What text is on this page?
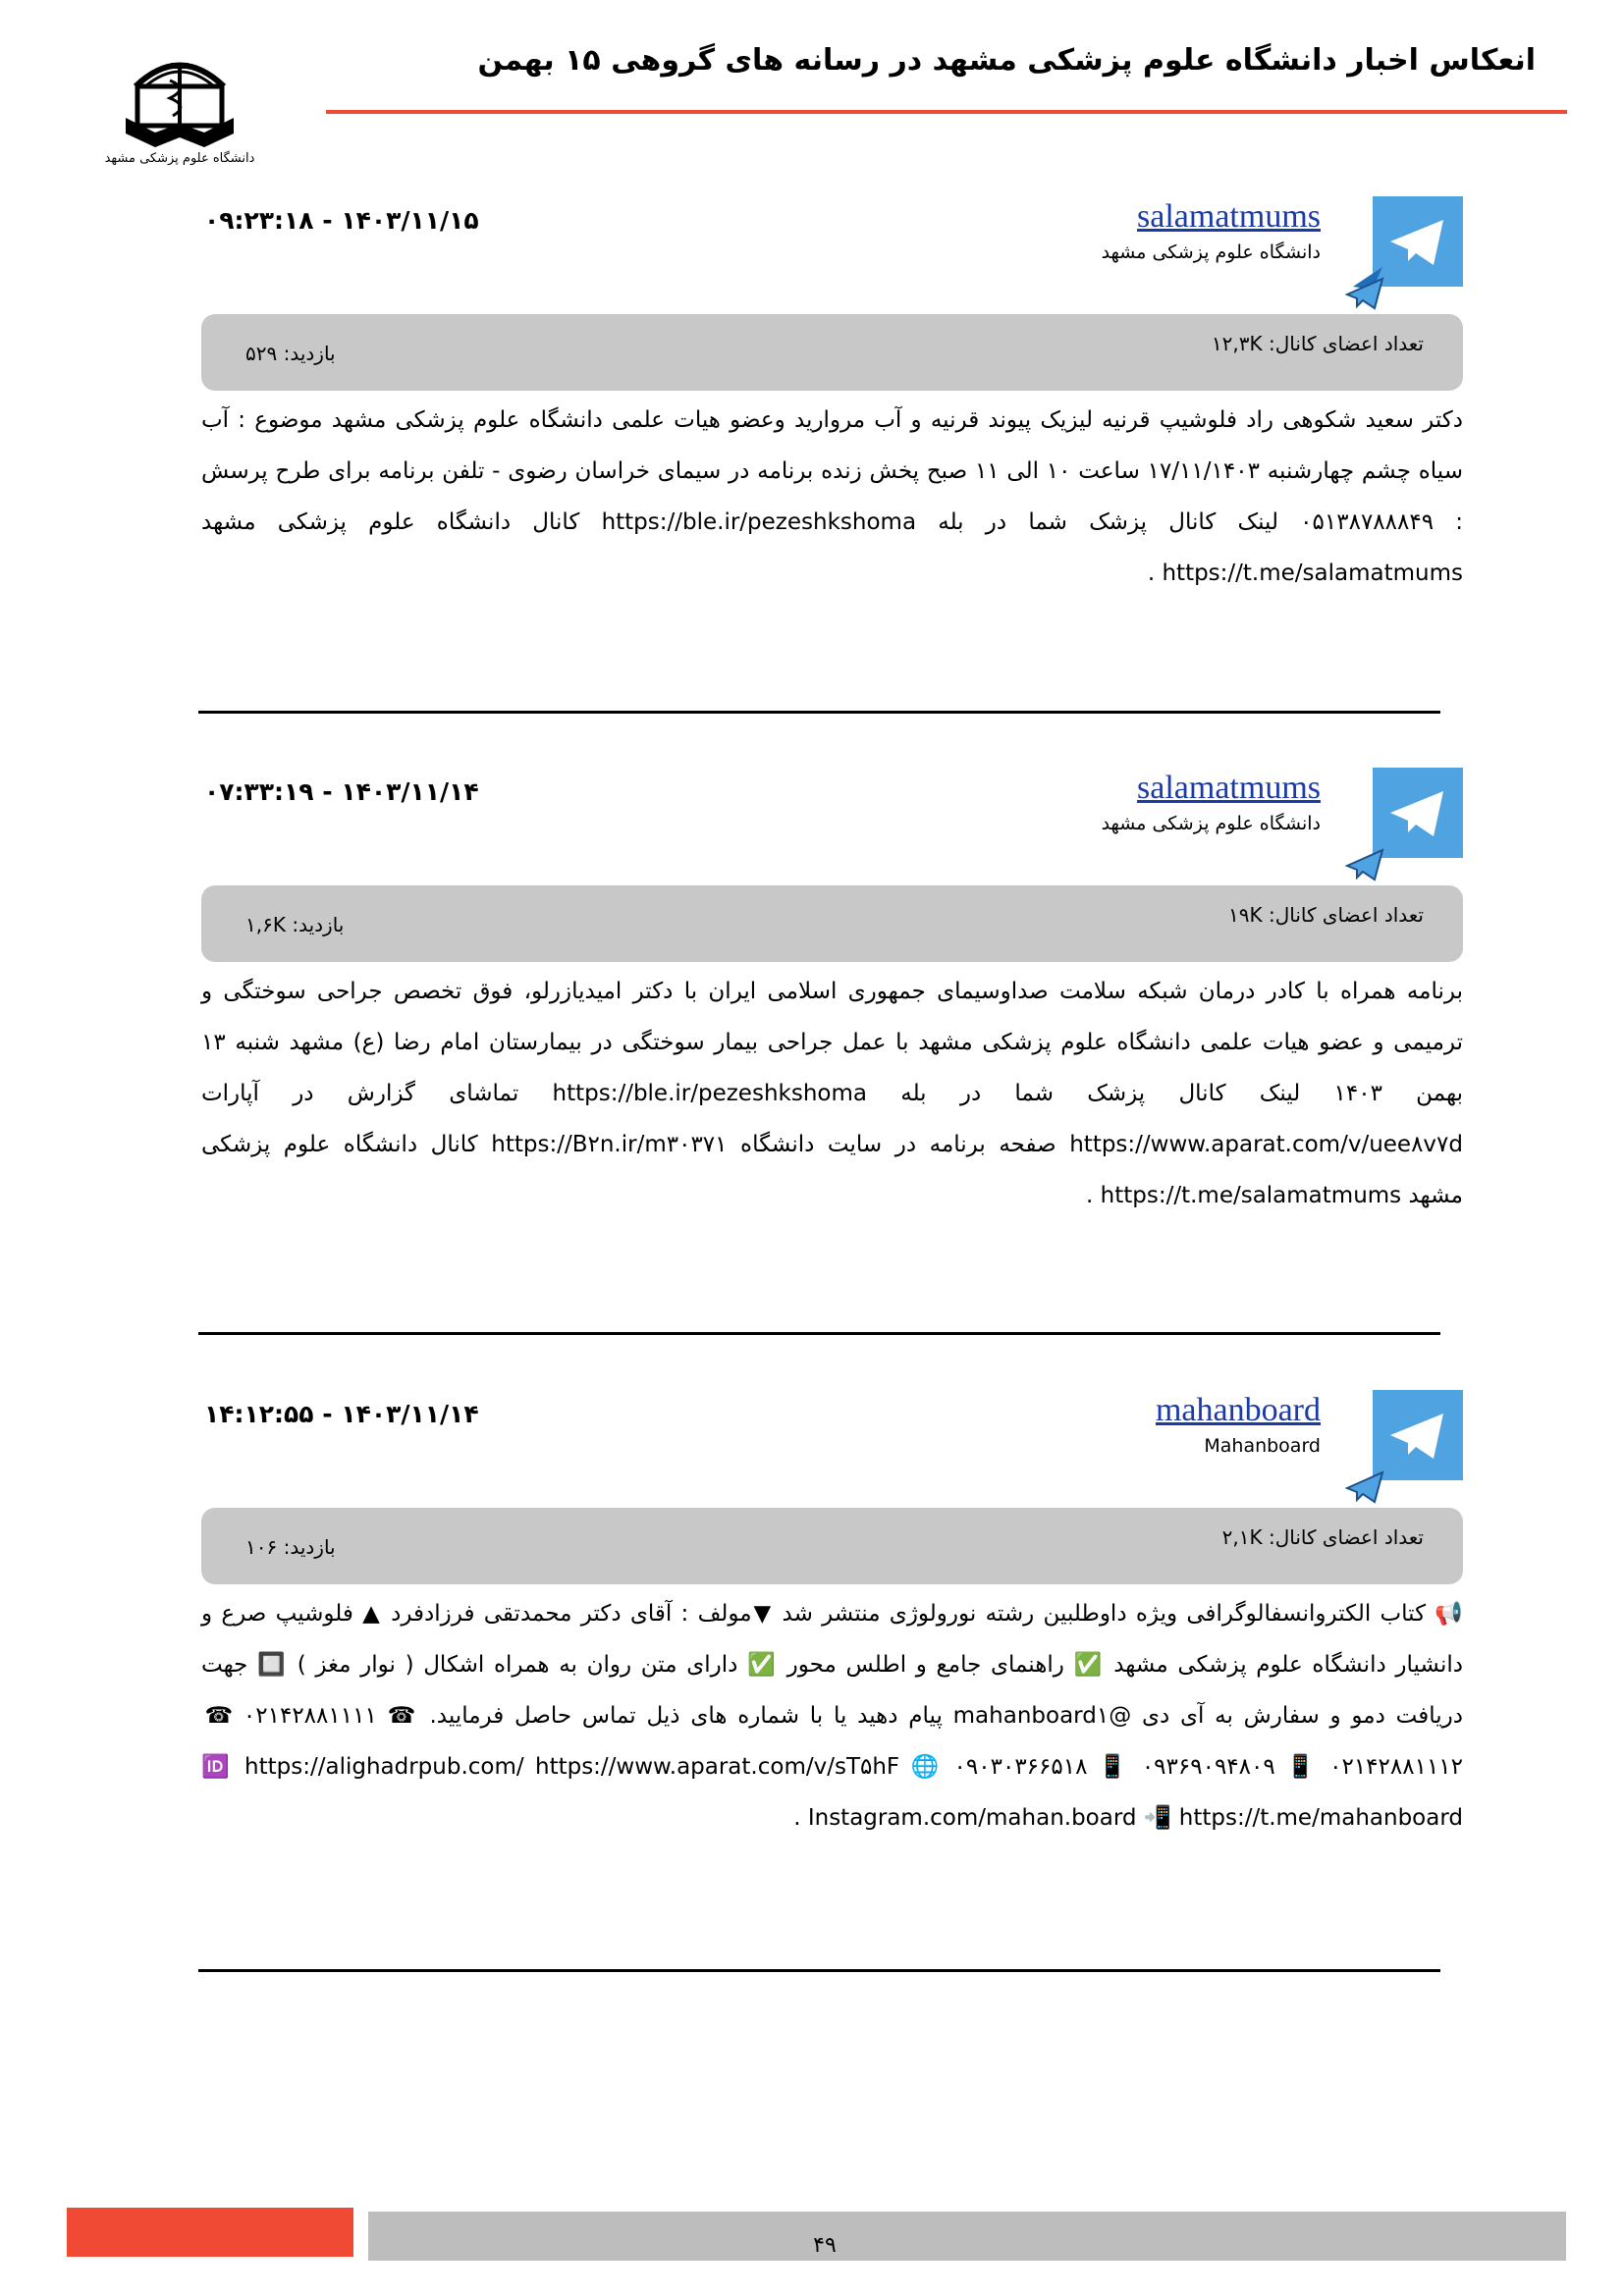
دانشگاه علوم پزشکی مشهد
انعکاس اخبار دانشگاه علوم پزشکی مشهد در رسانه های گروهی ۱۵ بهمن
۱۴۰۳/۱۱/۱۵ - ۰۹:۲۳:۱۸	salamatmums
دانشگاه علوم پزشکی مشهد
تعداد اعضای کانال: ۱۲,۳K
بازدید: ۵۲۹
دکتر سعید شکوهی راد فلوشیپ قرنیه لیزیک پیوند قرنیه و آب مروارید وعضو هیات علمی دانشگاه علوم پزشکی مشهد موضوع : آب سیاه چشم چهارشنبه ۱۷/۱۱/۱۴۰۳ ساعت ۱۰ الی ۱۱ صبح پخش زنده برنامه در سیمای خراسان رضوی - تلفن برنامه برای طرح پرسش : ۰۵۱۳۸۷۸۸۸۴۹ لینک کانال پزشک شما در بله https://ble.ir/pezeshkshoma کانال دانشگاه علوم پزشکی مشهد https://t.me/salamatmums .
۱۴۰۳/۱۱/۱۴ - ۰۷:۳۳:۱۹	salamatmums
دانشگاه علوم پزشکی مشهد
تعداد اعضای کانال: ۱۹K
بازدید: ۱,۶K
برنامه همراه با کادر درمان شبکه سلامت صداوسیمای جمهوری اسلامی ایران با دکتر امیدیازرلو، فوق تخصص جراحی سوختگی و ترمیمی و عضو هیات علمی دانشگاه علوم پزشکی مشهد با عمل جراحی بیمار سوختگی در بیمارستان امام رضا (ع) مشهد شنبه ۱۳ بهمن ۱۴۰۳ لینک کانال پزشک شما در بله https://ble.ir/pezeshkshoma تماشای گزارش در آپارات https://www.aparat.com/v/uee۸v۷d صفحه برنامه در سایت دانشگاه https://B۲n.ir/m۳۰۳۷۱ کانال دانشگاه علوم پزشکی مشهد https://t.me/salamatmums .
۱۴۰۳/۱۱/۱۴ - ۱۴:۱۲:۵۵	mahanboard
Mahanboard
تعداد اعضای کانال: ۲,۱K
بازدید: ۱۰۶
📢 کتاب الکتروانسفالوگرافی ویژه داوطلبین رشته نورولوژی منتشر شد ▼مولف : آقای دکتر محمدتقی فرزادفرد ▲ فلوشیپ صرع و دانشیار دانشگاه علوم پزشکی مشهد ✅ راهنمای جامع و اطلس محور ✅ دارای متن روان به همراه اشکال ( نوار مغز ) 🔲 جهت دریافت دمو و سفارش به آی دی @mahanboard۱ پیام دهید یا با شماره های ذیل تماس حاصل فرمایید. ☎ ۰۲۱۴۲۸۸۱۱۱۱ ☎ ۰۲۱۴۲۸۸۱۱۱۲ 📱 ۰۹۳۶۹۰۹۴۸۰۹ 📱 ۰۹۰۳۰۳۶۶۵۱۸ 🌐 🆔 https://alighadrpub.com/ https://www.aparat.com/v/sT۵hF Instagram.com/mahan.board 📲 https://t.me/mahanboard .
۴۹
